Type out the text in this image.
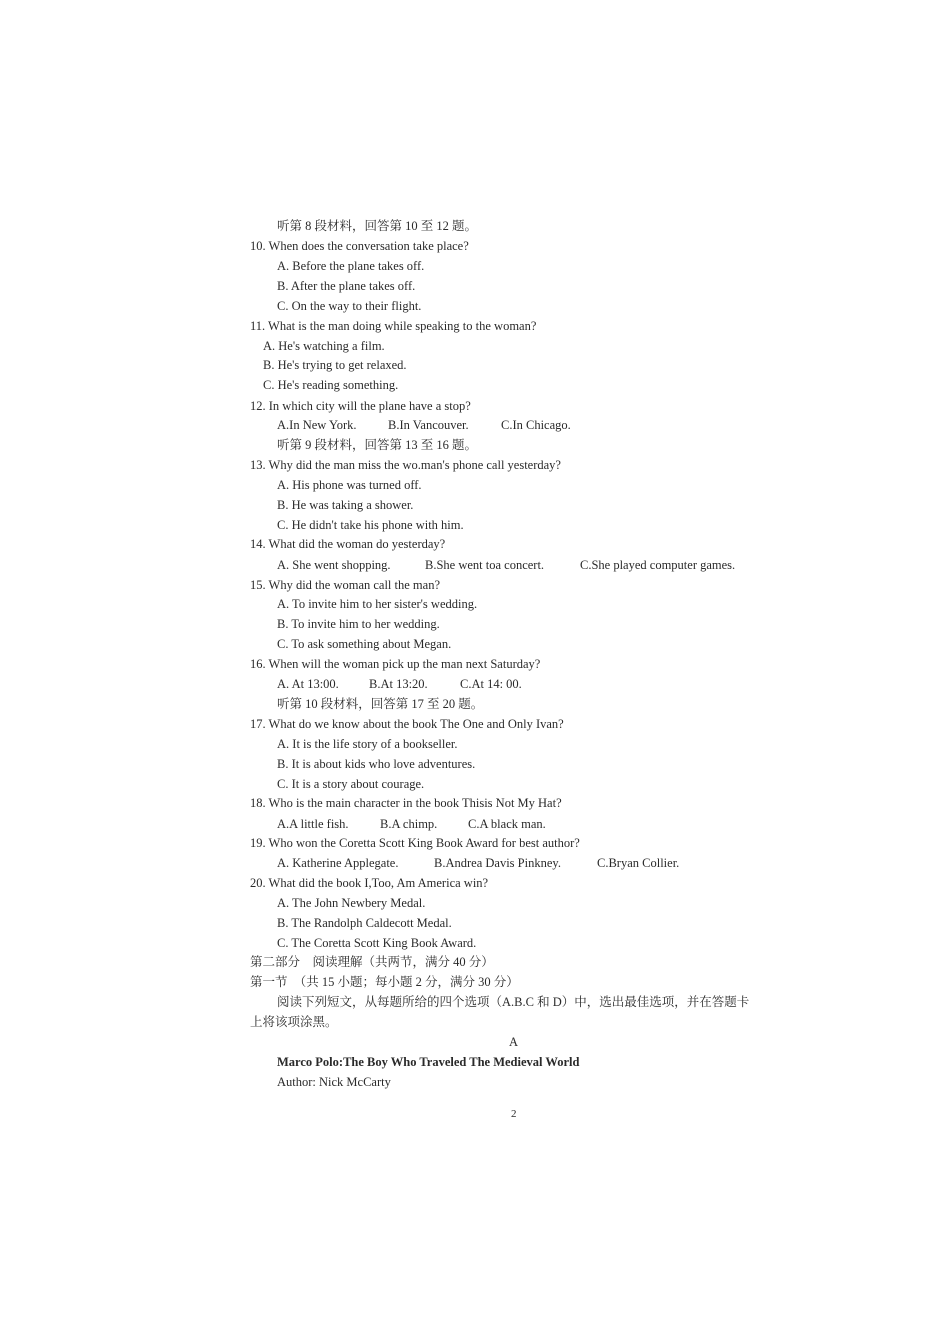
听第 8 段材料，回答第 10 至 12 题。
10. When does the conversation take place?
A. Before the plane takes off.
B. After the plane takes off.
C. On the way to their flight.
11. What is the man doing while speaking to the woman?
A. He's watching a film.
B. He's trying to get relaxed.
C. He's reading something.
12. In which city will the plane have a stop?
A.In New York.	B.In Vancouver.	C.In Chicago.
听第 9 段材料，回答第 13 至 16 题。
13. Why did the man miss the wo.man's phone call yesterday?
A. His phone was turned off.
B. He was taking a shower.
C. He didn't take his phone with him.
14. What did the woman do yesterday?
A. She went shopping.	B.She went toa concert.	C.She played computer games.
15. Why did the woman call the man?
A. To invite him to her sister's wedding.
B. To invite him to her wedding.
C. To ask something about Megan.
16. When will the woman pick up the man next Saturday?
A. At 13:00. B.At 13:20.	C.At 14: 00.
听第 10 段材料，回答第 17 至 20 题。
17. What do we know about the book The One and Only Ivan?
A. It is the life story of a bookseller.
B. It is about kids who love adventures.
C. It is a story about courage.
18. Who is the main character in the book Thisis Not My Hat?
A.A little fish.	B.A chimp. C.A black man.
19. Who won the Coretta Scott King Book Award for best author?
A. Katherine Applegate.	B.Andrea Davis Pinkney.	C.Bryan Collier.
20. What did the book I,Too, Am America win?
A. The John Newbery Medal.
B. The Randolph Caldecott Medal.
C. The Coretta Scott King Book Award.
第二部分　阅读理解（共两节，满分 40 分）
第一节　（共 15 小题；每小题 2 分，满分 30 分）
阅读下列短文，从每题所给的四个选项（A.B.C 和 D）中，选出最佳选项，并在答题卡
上将该项涂黑。
A
Marco Polo:The Boy Who Traveled The Medieval World
Author: Nick McCarty
2
